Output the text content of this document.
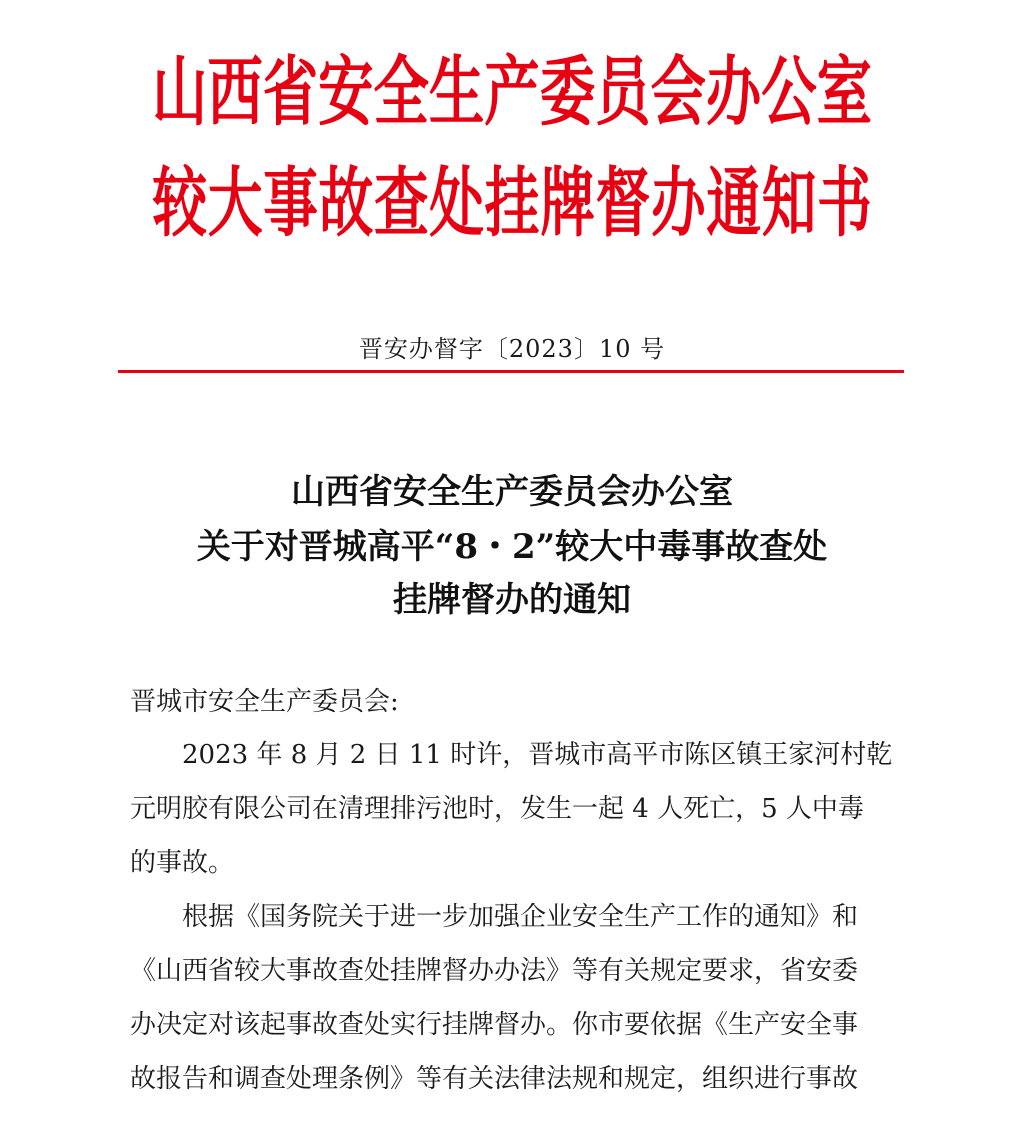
山西省安全生产委员会办公室
较大事故查处挂牌督办通知书
晋安办督字〔2023〕10 号
山西省安全生产委员会办公室
关于对晋城高平“8・2”较大中毒事故查处
挂牌督办的通知
晋城市安全生产委员会:
2023 年 8 月 2 日 11 时许，晋城市高平市陈区镇王家河村乾
元明胶有限公司在清理排污池时，发生一起 4 人死亡，5 人中毒
的事故。
根据《国务院关于进一步加强企业安全生产工作的通知》和
《山西省较大事故查处挂牌督办办法》等有关规定要求，省安委
办决定对该起事故查处实行挂牌督办。你市要依据《生产安全事
故报告和调查处理条例》等有关法律法规和规定，组织进行事故
